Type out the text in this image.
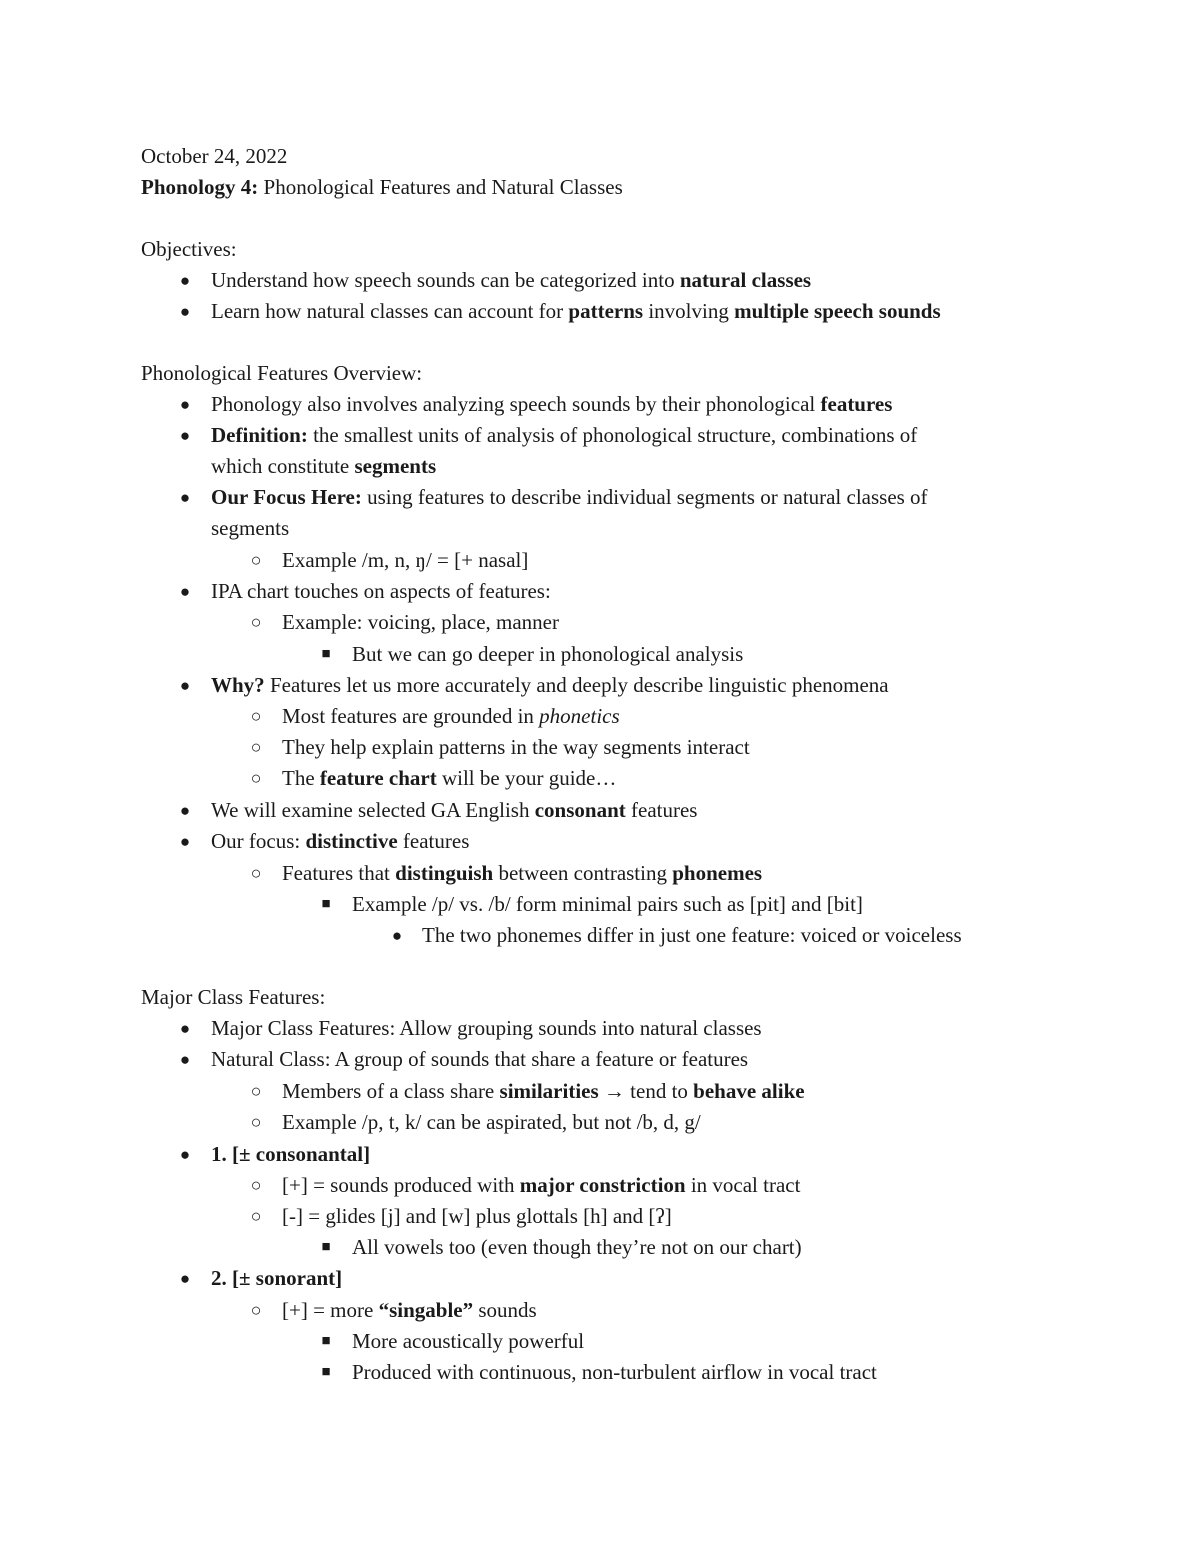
October 24, 2022

Phonology 4: Phonological Features and Natural Classes

Objectives:

● Understand how speech sounds can be categorized into natural classes

● Learn how natural classes can account for patterns involving multiple speech sounds

Phonological Features Overview:

● Phonology also involves analyzing speech sounds by their phonological features

● Definition: the smallest units of analysis of phonological structure, combinations of

which constitute segments

● Our Focus Here: using features to describe individual segments or natural classes of

segments

○ Example /m, n, ŋ/ = [+ nasal]

● IPA chart touches on aspects of features:

○ Example: voicing, place, manner

■ But we can go deeper in phonological analysis

● Why? Features let us more accurately and deeply describe linguistic phenomena

○ Most features are grounded in phonetics

○ They help explain patterns in the way segments interact

○ The feature chart will be your guide…

● We will examine selected GA English consonant features

● Our focus: distinctive features

○ Features that distinguish between contrasting phonemes

■ Example /p/ vs. /b/ form minimal pairs such as [pit] and [bit]

● The two phonemes differ in just one feature: voiced or voiceless

Major Class Features:

● Major Class Features: Allow grouping sounds into natural classes

● Natural Class: A group of sounds that share a feature or features

○ Members of a class share similarities → tend to behave alike

○ Example /p, t, k/ can be aspirated, but not /b, d, g/

● 1. [± consonantal]

○ [+] = sounds produced with major constriction in vocal tract

○ [-] = glides [j] and [w] plus glottals [h] and [ʔ]

■ All vowels too (even though they’re not on our chart)

● 2. [± sonorant]

○ [+] = more “singable” sounds

■ More acoustically powerful

■ Produced with continuous, non-turbulent airflow in vocal tract
